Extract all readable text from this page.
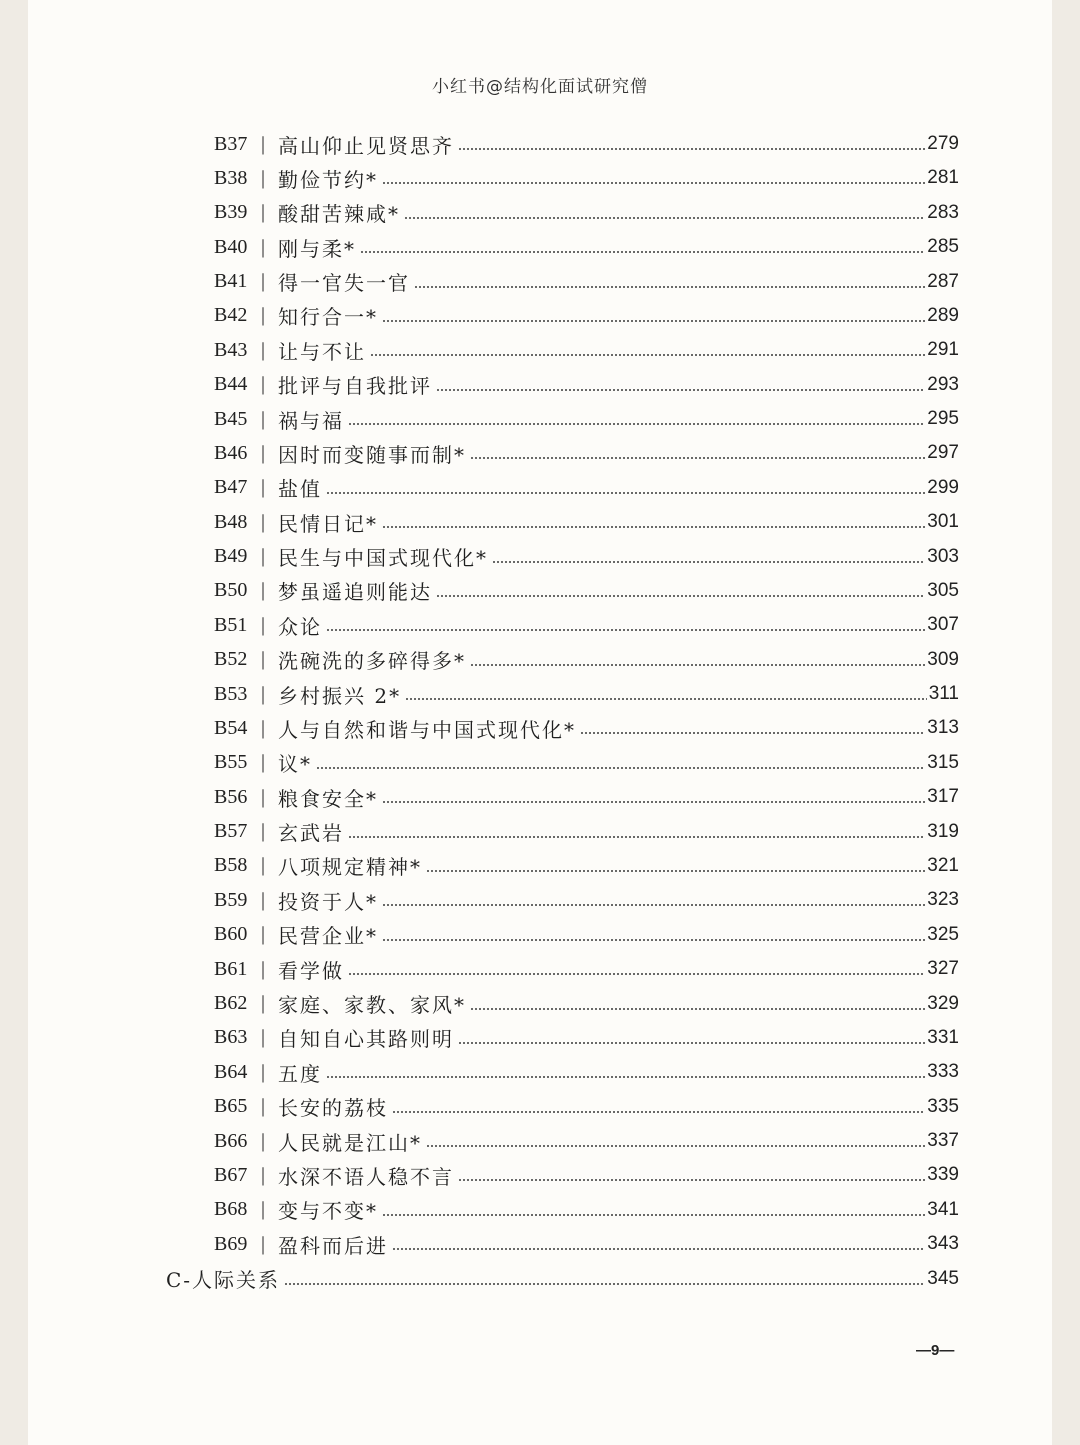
小红书@结构化面试研究僧
B37 | 高山仰止见贤思齐	279
B38 | 勤俭节约*	281
B39 | 酸甜苦辣咸*	283
B40 | 刚与柔*	285
B41 | 得一官失一官	287
B42 | 知行合一*	289
B43 | 让与不让	291
B44 | 批评与自我批评	293
B45 | 祸与福	295
B46 | 因时而变随事而制*	297
B47 | 盐值	299
B48 | 民情日记*	301
B49 | 民生与中国式现代化*	303
B50 | 梦虽遥追则能达	305
B51 | 众论	307
B52 | 洗碗洗的多碎得多*	309
B53 | 乡村振兴 2*	311
B54 | 人与自然和谐与中国式现代化*	313
B55 | 议*	315
B56 | 粮食安全*	317
B57 | 玄武岩	319
B58 | 八项规定精神*	321
B59 | 投资于人*	323
B60 | 民营企业*	325
B61 | 看学做	327
B62 | 家庭、家教、家风*	329
B63 | 自知自心其路则明	331
B64 | 五度	333
B65 | 长安的荔枝	335
B66 | 人民就是江山*	337
B67 | 水深不语人稳不言	339
B68 | 变与不变*	341
B69 | 盈科而后进	343
C-人际关系	345
—9—
